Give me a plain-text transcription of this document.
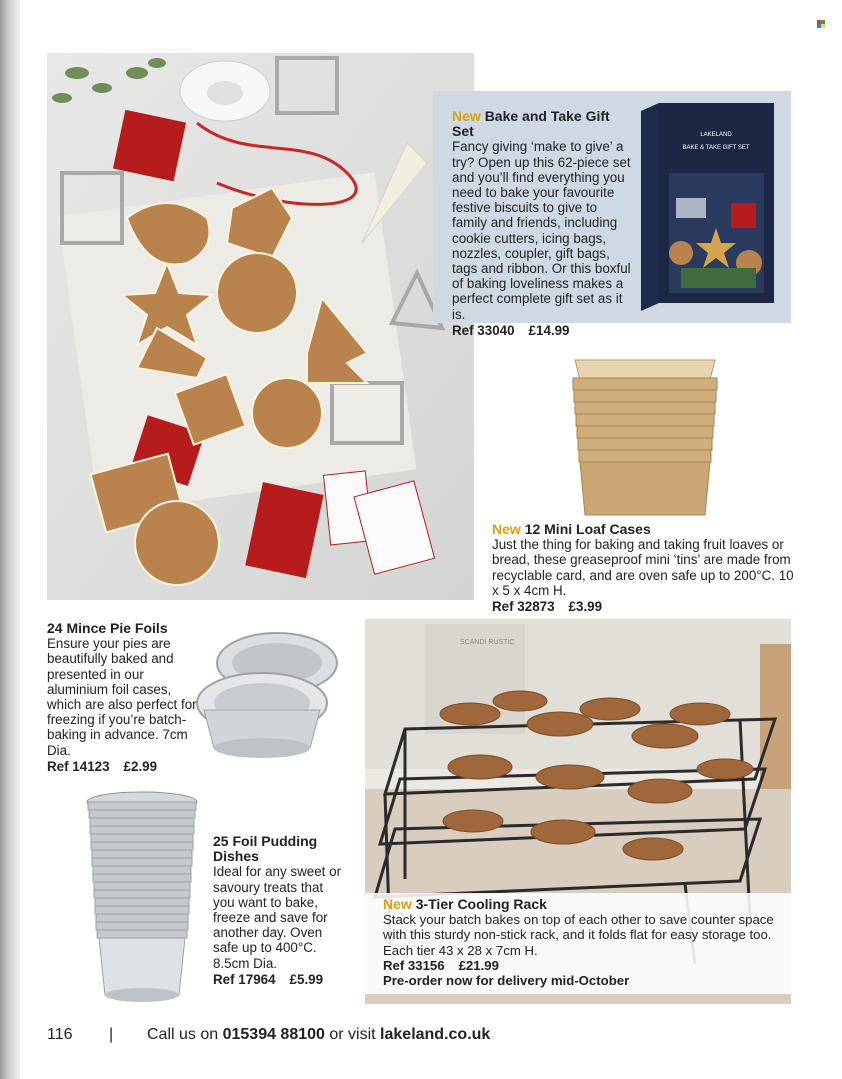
LAKELAND
BAKE & TAKE GIFT SET
New Bake and Take Gift Set
Fancy giving ‘make to give’ a try? Open up this 62-piece set and you’ll find everything you need to bake your favourite festive biscuits to give to family and friends, including cookie cutters, icing bags, nozzles, coupler, gift bags, tags and ribbon. Or this boxful of baking loveliness makes a perfect complete gift set as it is.
Ref 33040 £14.99
New 12 Mini Loaf Cases
Just the thing for baking and taking fruit loaves or bread, these greaseproof mini ‘tins’ are made from recyclable card, and are oven safe up to 200°C. 10 x 5 x 4cm H.
Ref 32873 £3.99
24 Mince Pie Foils
Ensure your pies are beautifully baked and presented in our aluminium foil cases, which are also perfect for freezing if you’re batch-baking in advance. 7cm Dia.
Ref 14123 £2.99
25 Foil Pudding Dishes
Ideal for any sweet or savoury treats that you want to bake, freeze and save for another day. Oven safe up to 400°C. 8.5cm Dia.
Ref 17964 £5.99
SCANDI RUSTIC
New 3-Tier Cooling Rack
Stack your batch bakes on top of each other to save counter space with this sturdy non-stick rack, and it folds flat for easy storage too. Each tier 43 x 28 x 7cm H.
Ref 33156 £21.99
Pre-order now for delivery mid-October
116 | Call us on 015394 88100 or visit lakeland.co.uk
